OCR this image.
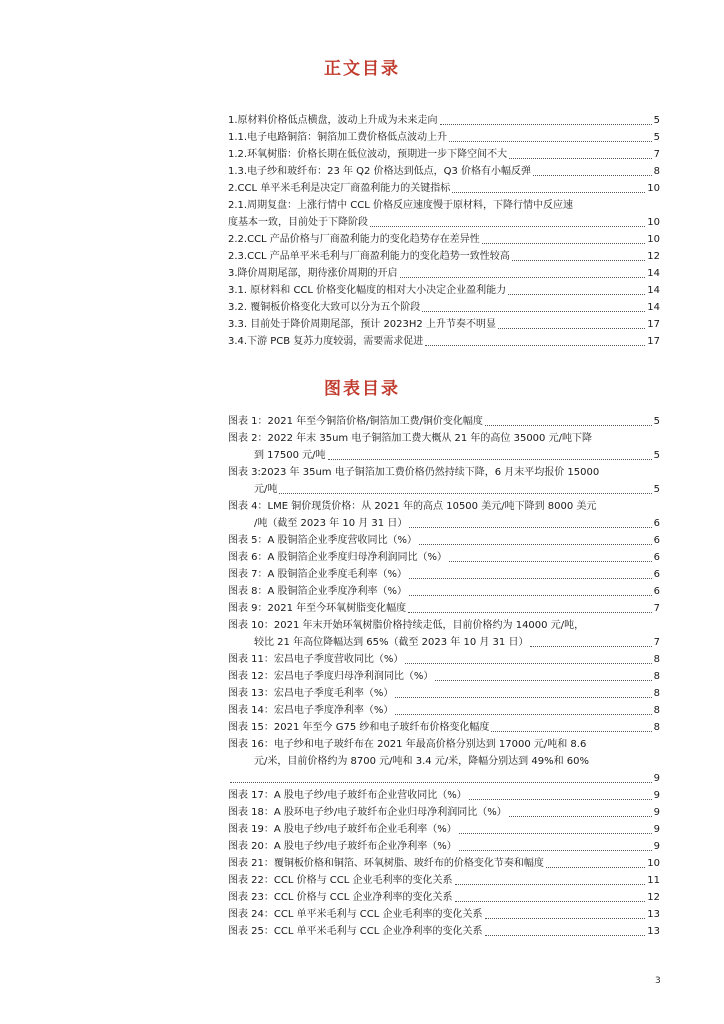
正文目录
1.原材料价格低点横盘，波动上升成为未来走向	5
1.1.电子电路铜箔：铜箔加工费价格低点波动上升	5
1.2.环氧树脂：价格长期在低位波动，预期进一步下降空间不大	7
1.3.电子纱和玻纤布：23 年 Q2 价格达到低点，Q3 价格有小幅反弹	8
2.CCL 单平米毛利是决定厂商盈利能力的关键指标	10
2.1.周期复盘：上涨行情中 CCL 价格反应速度慢于原材料，下降行情中反应速
度基本一致，目前处于下降阶段	10
2.2.CCL 产品价格与厂商盈利能力的变化趋势存在差异性	10
2.3.CCL 产品单平米毛利与厂商盈利能力的变化趋势一致性较高	12
3.降价周期尾部，期待涨价周期的开启	14
3.1. 原材料和 CCL 价格变化幅度的相对大小决定企业盈利能力	14
3.2. 覆铜板价格变化大致可以分为五个阶段	14
3.3. 目前处于降价周期尾部，预计 2023H2 上升节奏不明显	17
3.4.下游 PCB 复苏力度较弱，需要需求促进	17
图表目录
图表 1：2021 年至今铜箔价格/铜箔加工费/铜价变化幅度	5
图表 2：2022 年末 35um 电子铜箔加工费大概从 21 年的高位 35000 元/吨下降
到 17500 元/吨	5
图表 3:2023 年 35um 电子铜箔加工费价格仍然持续下降，6 月末平均报价 15000
元/吨	5
图表 4：LME 铜价现货价格：从 2021 年的高点 10500 美元/吨下降到 8000 美元
/吨（截至 2023 年 10 月 31 日）	6
图表 5：A 股铜箔企业季度营收同比（%）	6
图表 6：A 股铜箔企业季度归母净利润同比（%）	6
图表 7：A 股铜箔企业季度毛利率（%）	6
图表 8：A 股铜箔企业季度净利率（%）	6
图表 9：2021 年至今环氧树脂变化幅度	7
图表 10：2021 年末开始环氧树脂价格持续走低，目前价格约为 14000 元/吨，
较比 21 年高位降幅达到 65%（截至 2023 年 10 月 31 日）	7
图表 11：宏昌电子季度营收同比（%）	8
图表 12：宏昌电子季度归母净利润同比（%）	8
图表 13：宏昌电子季度毛利率（%）	8
图表 14：宏昌电子季度净利率（%）	8
图表 15：2021 年至今 G75 纱和电子玻纤布价格变化幅度	8
图表 16：电子纱和电子玻纤布在 2021 年最高价格分别达到 17000 元/吨和 8.6
元/米，目前价格约为 8700 元/吨和 3.4 元/米，降幅分别达到 49%和 60%
9
图表 17：A 股电子纱/电子玻纤布企业营收同比（%）	9
图表 18：A 股环电子纱/电子玻纤布企业归母净利润同比（%）	9
图表 19：A 股电子纱/电子玻纤布企业毛利率（%）	9
图表 20：A 股电子纱/电子玻纤布企业净利率（%）	9
图表 21：覆铜板价格和铜箔、环氧树脂、玻纤布的价格变化节奏和幅度	10
图表 22：CCL 价格与 CCL 企业毛利率的变化关系	11
图表 23：CCL 价格与 CCL 企业净利率的变化关系	12
图表 24：CCL 单平米毛利与 CCL 企业毛利率的变化关系	13
图表 25：CCL 单平米毛利与 CCL 企业净利率的变化关系	13
3
